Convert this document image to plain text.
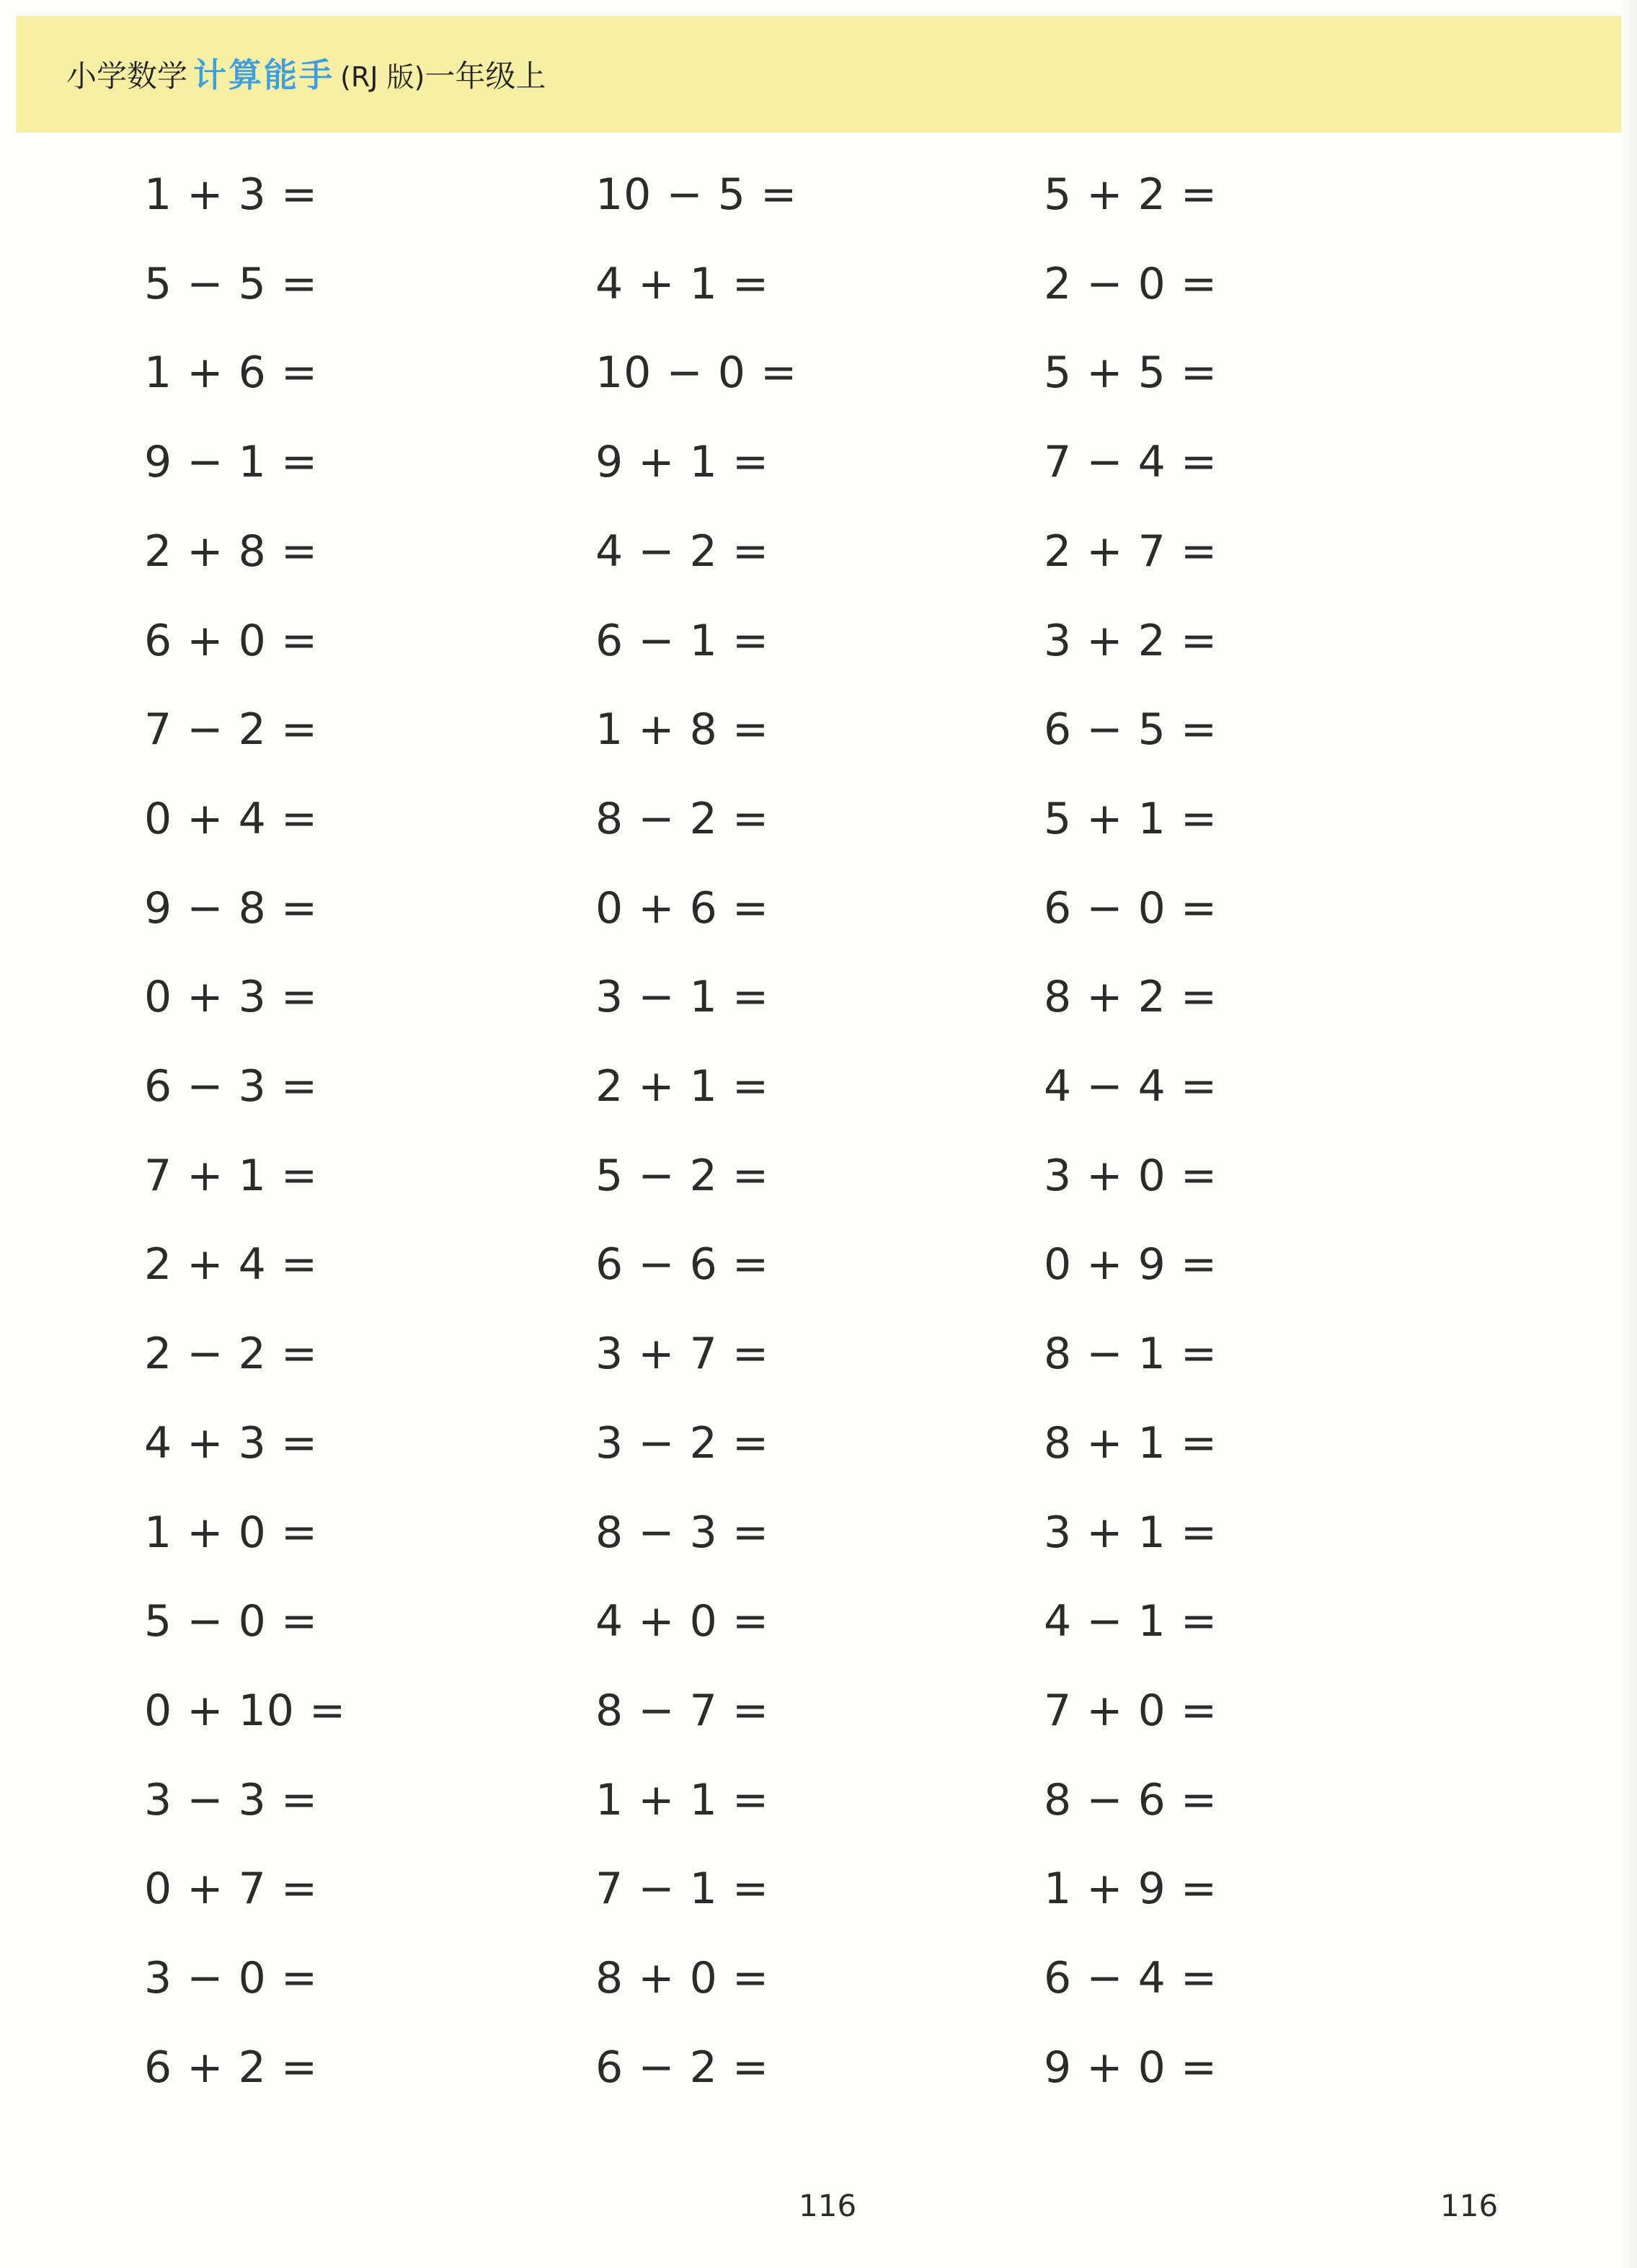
小学数学 计算能手 (RJ 版)一年级上
1 + 3 =
5 − 5 =
1 + 6 =
9 − 1 =
2 + 8 =
6 + 0 =
7 − 2 =
0 + 4 =
9 − 8 =
0 + 3 =
6 − 3 =
7 + 1 =
2 + 4 =
2 − 2 =
4 + 3 =
1 + 0 =
5 − 0 =
0 + 10 =
3 − 3 =
0 + 7 =
3 − 0 =
6 + 2 =
10 − 5 =
4 + 1 =
10 − 0 =
9 + 1 =
4 − 2 =
6 − 1 =
1 + 8 =
8 − 2 =
0 + 6 =
3 − 1 =
2 + 1 =
5 − 2 =
6 − 6 =
3 + 7 =
3 − 2 =
8 − 3 =
4 + 0 =
8 − 7 =
1 + 1 =
7 − 1 =
8 + 0 =
6 − 2 =
5 + 2 =
2 − 0 =
5 + 5 =
7 − 4 =
2 + 7 =
3 + 2 =
6 − 5 =
5 + 1 =
6 − 0 =
8 + 2 =
4 − 4 =
3 + 0 =
0 + 9 =
8 − 1 =
8 + 1 =
3 + 1 =
4 − 1 =
7 + 0 =
8 − 6 =
1 + 9 =
6 − 4 =
9 + 0 =
116	116
